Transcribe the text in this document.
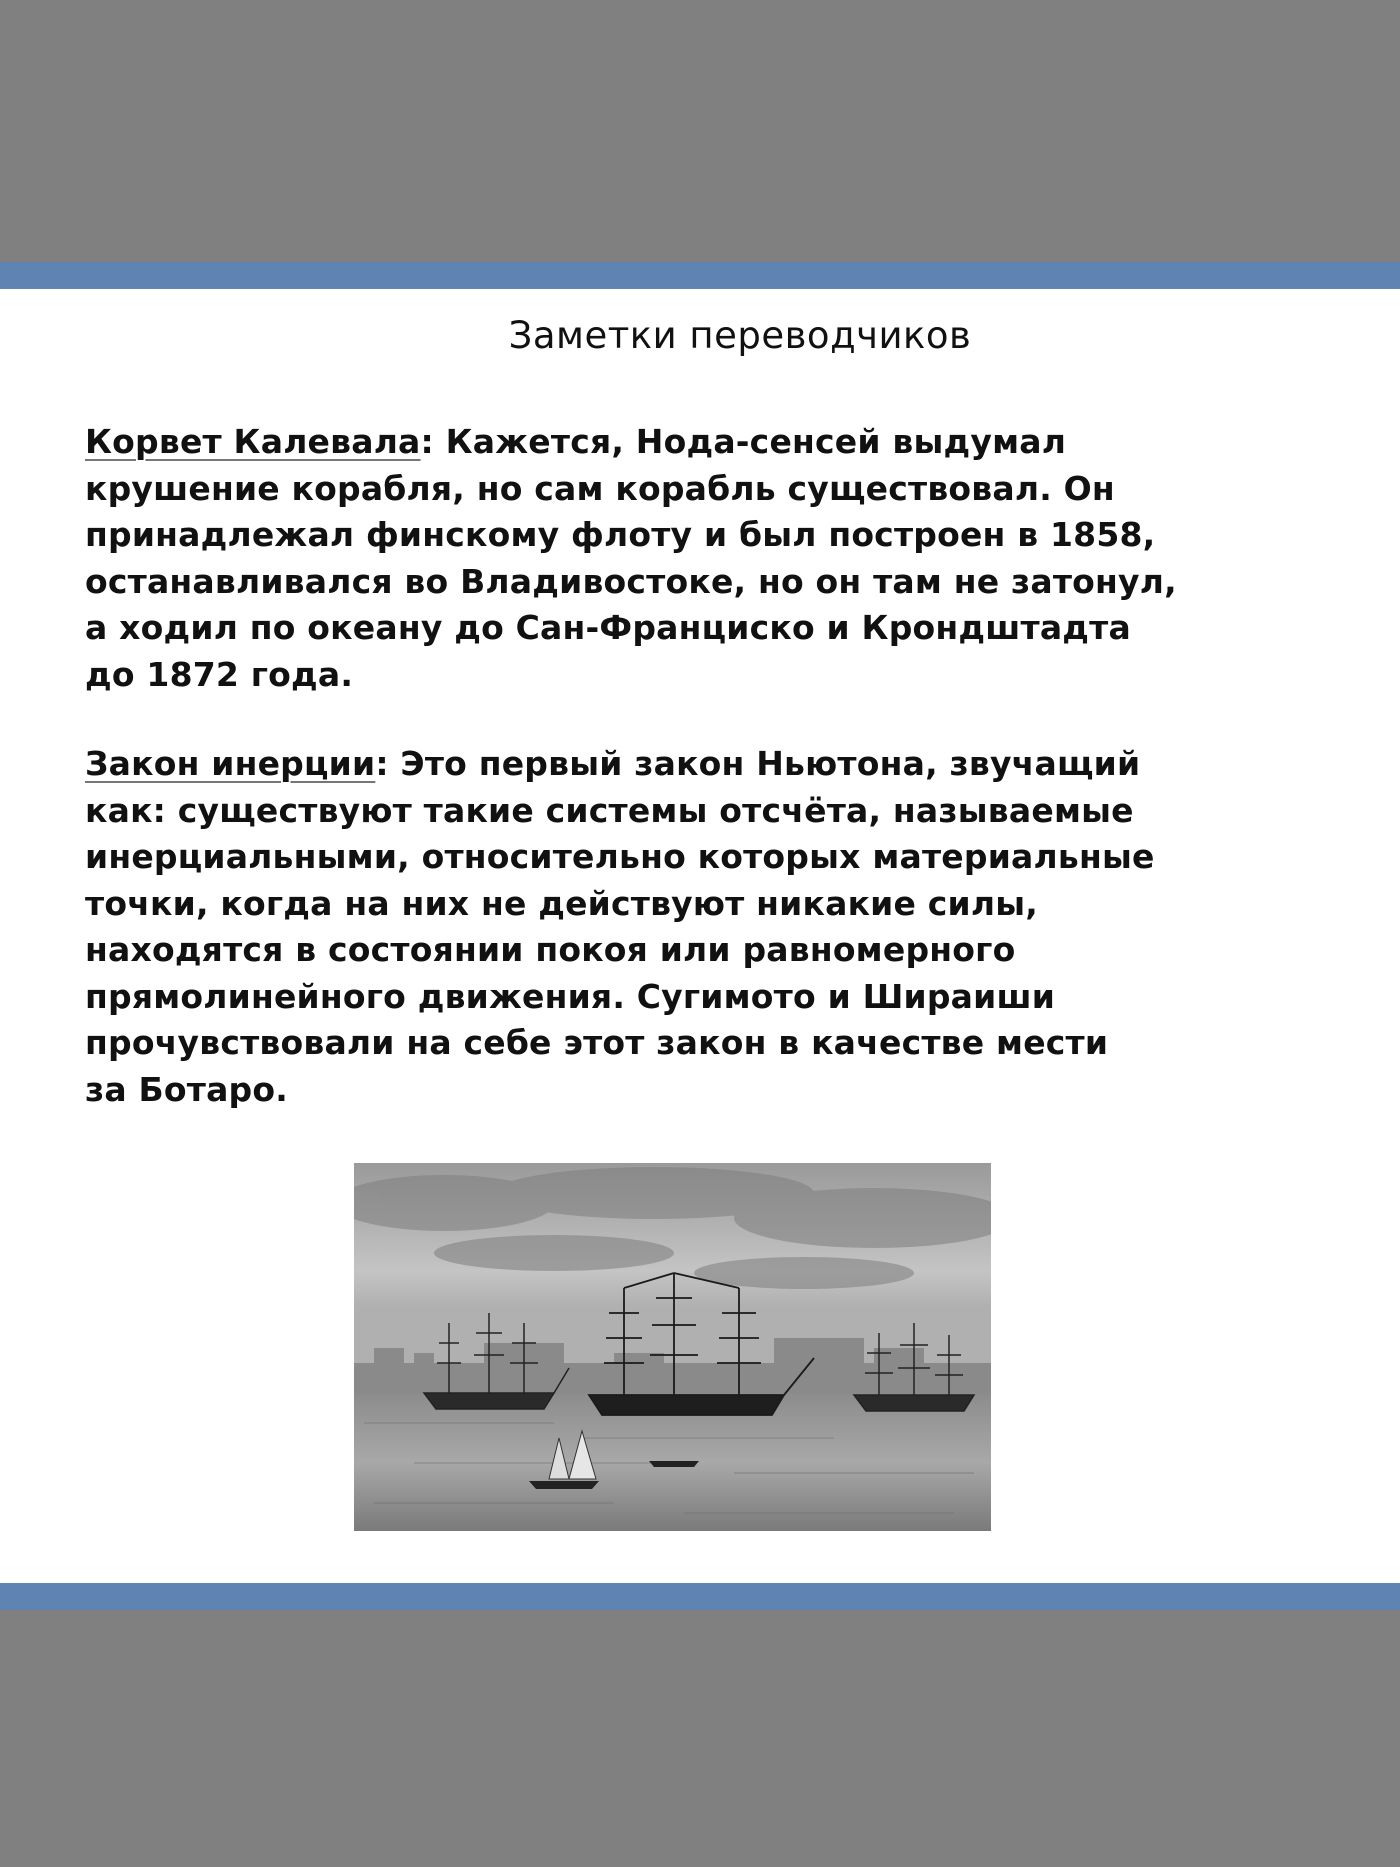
Заметки переводчиков
Корвет Калевала: Кажется, Нода-сенсей выдумал
крушение корабля, но сам корабль существовал. Он
принадлежал финскому флоту и был построен в 1858,
останавливался во Владивостоке, но он там не затонул,
а ходил по океану до Сан-Франциско и Крондштадта
до 1872 года.
Закон инерции: Это первый закон Ньютона, звучащий
как: существуют такие системы отсчёта, называемые
инерциальными, относительно которых материальные
точки, когда на них не действуют никакие силы,
находятся в состоянии покоя или равномерного
прямолинейного движения. Сугимото и Шираиши
прочувствовали на себе этот закон в качестве мести
за Ботаро.
